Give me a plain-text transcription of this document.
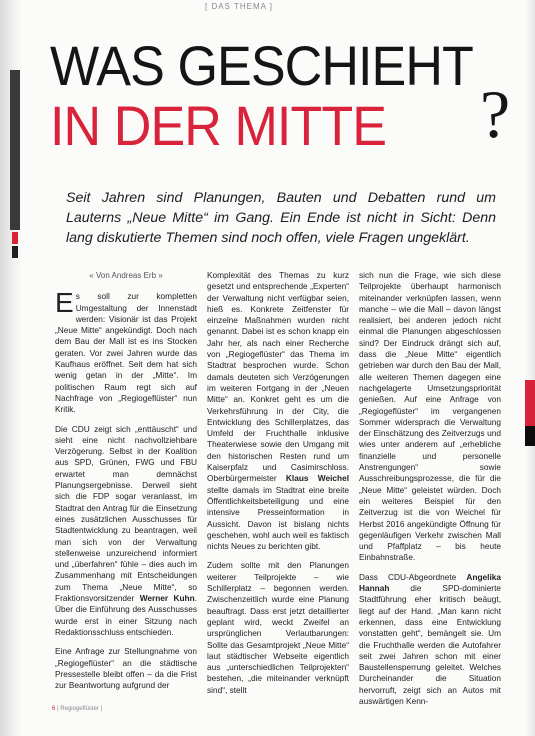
[ DAS THEMA ]
WAS GESCHIEHT
IN DER MITTE	?
Seit Jahren sind Planungen, Bauten und Debatten rund um Lauterns „Neue Mitte“ im Gang. Ein Ende ist nicht in Sicht: Denn lang diskutierte Themen sind noch offen, viele Fragen ungeklärt.
« Von Andreas Erb »

Es soll zur kompletten Umgestaltung der Innenstadt werden: Visionär ist das Projekt „Neue Mitte“ angekündigt. Doch nach dem Bau der Mall ist es ins Stocken geraten. Vor zwei Jahren wurde das Kaufhaus eröffnet. Seit dem hat sich wenig getan in der „Mitte“. Im politischen Raum regt sich auf Nachfrage von „Regiogeflüster“ nun Kritik.

Die CDU zeigt sich „enttäuscht“ und sieht eine nicht nachvollziehbare Verzögerung. Selbst in der Koalition aus SPD, Grünen, FWG und FBU erwartet man demnächst Planungsergebnisse. Derweil sieht sich die FDP sogar veranlasst, im Stadtrat den Antrag für die Einsetzung eines zusätzlichen Ausschusses für Stadtentwicklung zu beantragen, weil man sich von der Verwaltung stellenweise unzureichend informiert und „überfahren“ fühle – dies auch im Zusammenhang mit Entscheidungen zum Thema „Neue Mitte“, so Fraktionsvorsitzender Werner Kuhn. Über die Einführung des Ausschusses wurde erst in einer Sitzung nach Redaktionsschluss entschieden.

Eine Anfrage zur Stellungnahme von „Regiogeflüster“ an die städtische Pressestelle bleibt offen – da die Frist zur Beantwortung aufgrund der

Komplexität des Themas zu kurz gesetzt und entsprechende „Experten“ der Verwaltung nicht verfügbar seien, hieß es. Konkrete Zeitfenster für einzelne Maßnahmen wurden nicht genannt. Dabei ist es schon knapp ein Jahr her, als nach einer Recherche von „Regiogeflüster“ das Thema im Stadtrat besprochen wurde. Schon damals deuteten sich Verzögerungen im weiteren Fortgang in der „Neuen Mitte“ an. Konkret geht es um die Verkehrsführung in der City, die Entwicklung des Schillerplatzes, das Umfeld der Fruchthalle inklusive Theaterwiese sowie den Umgang mit den historischen Resten rund um Kaiserpfalz und Casimirschloss. Oberbürgermeister Klaus Weichel stellte damals im Stadtrat eine breite Öffentlichkeitsbeteiligung und eine intensive Presseinformation in Aussicht. Davon ist bislang nichts geschehen, wohl auch weil es faktisch nichts Neues zu berichten gibt.

Zudem sollte mit den Planungen weiterer Teilprojekte – wie Schillerplatz – begonnen werden. Zwischenzeitlich wurde eine Planung beauftragt. Dass erst jetzt detaillierter geplant wird, weckt Zweifel an ursprünglichen Verlautbarungen: Sollte das Gesamtprojekt „Neue Mitte“ laut städtischer Webseite eigentlich aus „unterschiedlichen Teilprojekten“ bestehen, „die miteinander verknüpft sind“, stellt

sich nun die Frage, wie sich diese Teilprojekte überhaupt harmonisch miteinander verknüpfen lassen, wenn manche – wie die Mall – davon längst realisiert, bei anderen jedoch nicht einmal die Planungen abgeschlossen sind? Der Eindruck drängt sich auf, dass die „Neue Mitte“ eigentlich getrieben war durch den Bau der Mall, alle weiteren Themen dagegen eine nachgelagerte Umsetzungspriorität genießen. Auf eine Anfrage von „Regiogeflüster“ im vergangenen Sommer widersprach die Verwaltung der Einschätzung des Zeitverzugs und wies unter anderem auf „erhebliche finanzielle und personelle Anstrengungen“ sowie Ausschreibungsprozesse, die für die „Neue Mitte“ geleistet würden. Doch ein weiteres Beispiel für den Zeitverzug ist die von Weichel für Herbst 2016 angekündigte Öffnung für gegenläufigen Verkehr zwischen Mall und Pfaffplatz – bis heute Einbahnstraße.

Dass CDU-Abgeordnete Angelika Hannah die SPD-dominierte Stadtführung eher kritisch beäugt, liegt auf der Hand. „Man kann nicht erkennen, dass eine Entwicklung vonstatten geht“, bemängelt sie. Um die Fruchthalle werden die Autofahrer seit zwei Jahren schon mit einer Baustellensperrung geleitet. Welches Durcheinander die Situation hervorruft, zeigt sich an Autos mit auswärtigen Kenn-

6 | Regiogeflüster |
